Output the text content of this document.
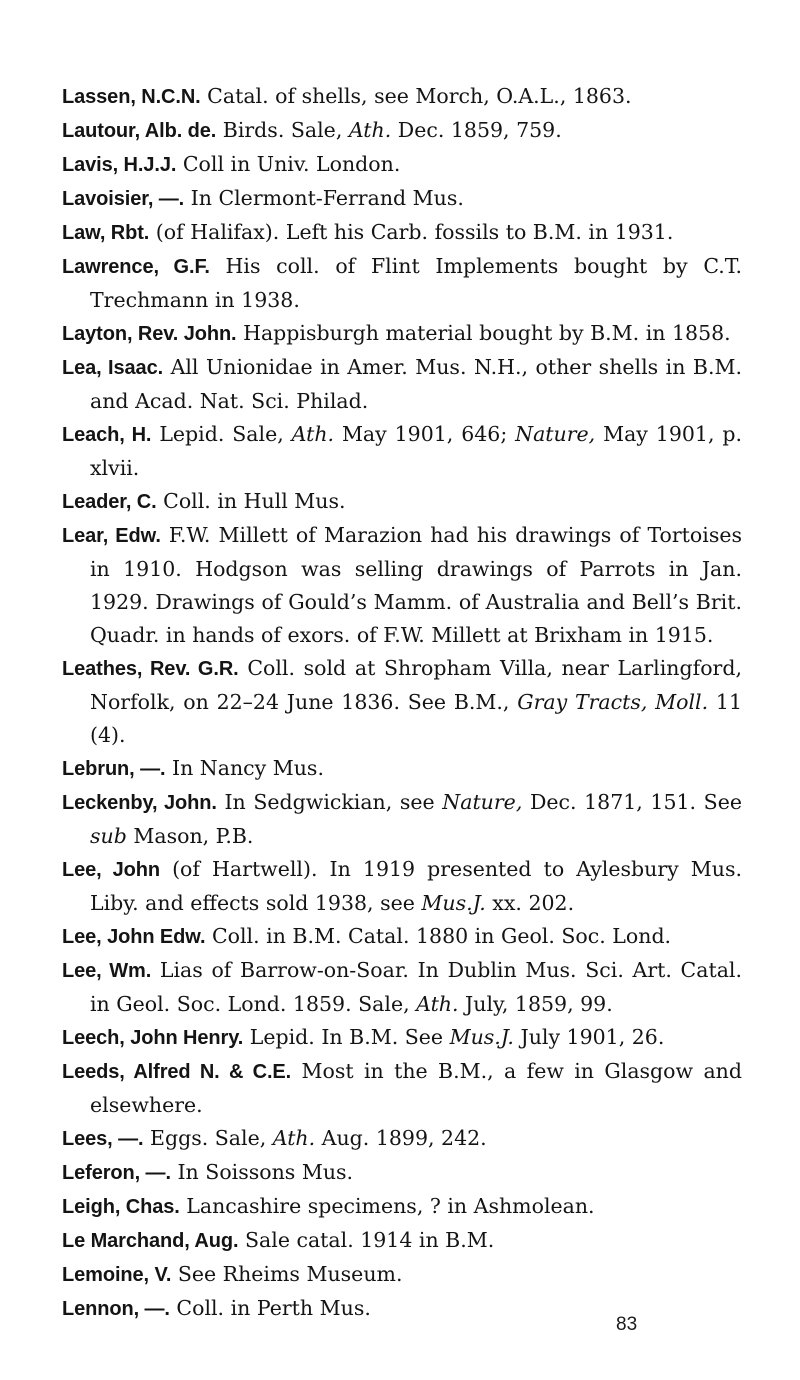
Lassen, N.C.N. Catal. of shells, see Morch, O.A.L., 1863.

Lautour, Alb. de. Birds. Sale, Ath. Dec. 1859, 759.

Lavis, H.J.J. Coll in Univ. London.

Lavoisier, —. In Clermont-Ferrand Mus.

Law, Rbt. (of Halifax). Left his Carb. fossils to B.M. in 1931.

Lawrence, G.F. His coll. of Flint Implements bought by C.T. Trechmann in 1938.

Layton, Rev. John. Happisburgh material bought by B.M. in 1858.

Lea, Isaac. All Unionidae in Amer. Mus. N.H., other shells in B.M. and Acad. Nat. Sci. Philad.

Leach, H. Lepid. Sale, Ath. May 1901, 646; Nature, May 1901, p. xlvii.

Leader, C. Coll. in Hull Mus.

Lear, Edw. F.W. Millett of Marazion had his drawings of Tortoises in 1910. Hodgson was selling drawings of Parrots in Jan. 1929. Drawings of Gould’s Mamm. of Australia and Bell’s Brit. Quadr. in hands of exors. of F.W. Millett at Brixham in 1915.

Leathes, Rev. G.R. Coll. sold at Shropham Villa, near Larlingford, Norfolk, on 22–24 June 1836. See B.M., Gray Tracts, Moll. 11 (4).

Lebrun, —. In Nancy Mus.

Leckenby, John. In Sedgwickian, see Nature, Dec. 1871, 151. See sub Mason, P.B.

Lee, John (of Hartwell). In 1919 presented to Aylesbury Mus. Liby. and effects sold 1938, see Mus.J. xx. 202.

Lee, John Edw. Coll. in B.M. Catal. 1880 in Geol. Soc. Lond.

Lee, Wm. Lias of Barrow-on-Soar. In Dublin Mus. Sci. Art. Catal. in Geol. Soc. Lond. 1859. Sale, Ath. July, 1859, 99.

Leech, John Henry. Lepid. In B.M. See Mus.J. July 1901, 26.

Leeds, Alfred N. & C.E. Most in the B.M., a few in Glasgow and elsewhere.

Lees, —. Eggs. Sale, Ath. Aug. 1899, 242.

Leferon, —. In Soissons Mus.

Leigh, Chas. Lancashire specimens, ? in Ashmolean.

Le Marchand, Aug. Sale catal. 1914 in B.M.

Lemoine, V. See Rheims Museum.

Lennon, —. Coll. in Perth Mus.

83
